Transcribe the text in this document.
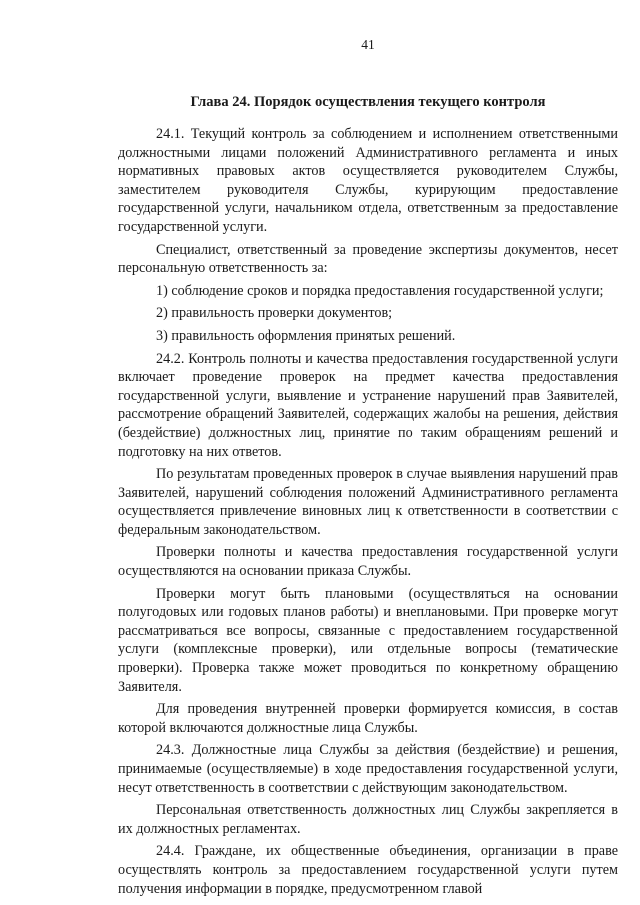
41
Глава 24. Порядок осуществления текущего контроля

24.1. Текущий контроль за соблюдением и исполнением ответственными должностными лицами положений Административного регламента и иных нормативных правовых актов осуществляется руководителем Службы, заместителем руководителя Службы, курирующим предоставление государственной услуги, начальником отдела, ответственным за предоставление государственной услуги.

Специалист, ответственный за проведение экспертизы документов, несет персональную ответственность за:

1) соблюдение сроков и порядка предоставления государственной услуги;

2) правильность проверки документов;

3) правильность оформления принятых решений.

24.2. Контроль полноты и качества предоставления государственной услуги включает проведение проверок на предмет качества предоставления государственной услуги, выявление и устранение нарушений прав Заявителей, рассмотрение обращений Заявителей, содержащих жалобы на решения, действия (бездействие) должностных лиц, принятие по таким обращениям решений и подготовку на них ответов.

По результатам проведенных проверок в случае выявления нарушений прав Заявителей, нарушений соблюдения положений Административного регламента осуществляется привлечение виновных лиц к ответственности в соответствии с федеральным законодательством.

Проверки полноты и качества предоставления государственной услуги осуществляются на основании приказа Службы.

Проверки могут быть плановыми (осуществляться на основании полугодовых или годовых планов работы) и внеплановыми. При проверке могут рассматриваться все вопросы, связанные с предоставлением государственной услуги (комплексные проверки), или отдельные вопросы (тематические проверки). Проверка также может проводиться по конкретному обращению Заявителя.

Для проведения внутренней проверки формируется комиссия, в состав которой включаются должностные лица Службы.

24.3. Должностные лица Службы за действия (бездействие) и решения, принимаемые (осуществляемые) в ходе предоставления государственной услуги, несут ответственность в соответствии с действующим законодательством.

Персональная ответственность должностных лиц Службы закрепляется в их должностных регламентах.

24.4. Граждане, их общественные объединения, организации в праве осуществлять контроль за предоставлением государственной услуги путем получения информации в порядке, предусмотренном главой
